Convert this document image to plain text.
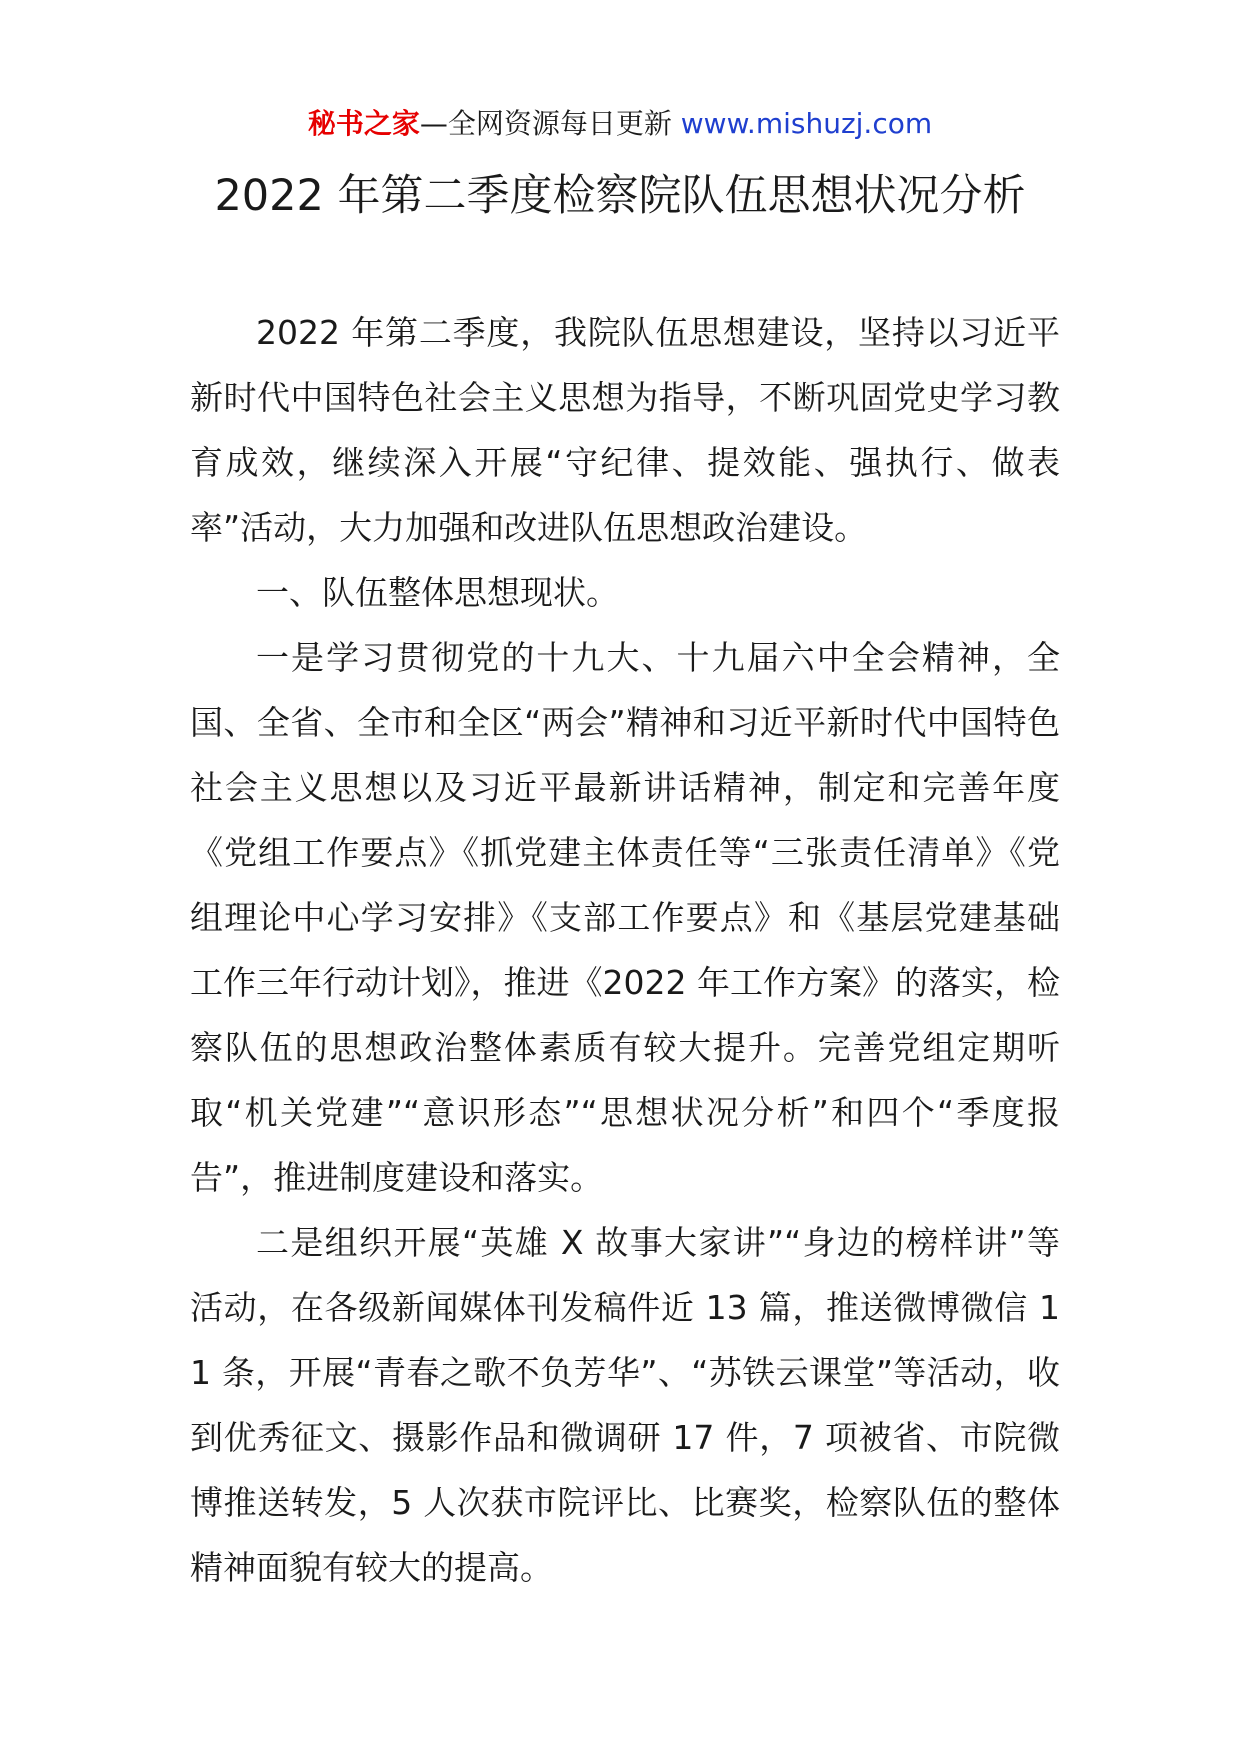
秘书之家—全网资源每日更新 www.mishuzj.com
2022 年第二季度检察院队伍思想状况分析

2022 年第二季度，我院队伍思想建设，坚持以习近平新时代中国特色社会主义思想为指导，不断巩固党史学习教育成效，继续深入开展“守纪律、提效能、强执行、做表率”活动，大力加强和改进队伍思想政治建设。

一、队伍整体思想现状。

一是学习贯彻党的十九大、十九届六中全会精神，全国、全省、全市和全区“两会”精神和习近平新时代中国特色社会主义思想以及习近平最新讲话精神，制定和完善年度《党组工作要点》《抓党建主体责任等“三张责任清单》《党组理论中心学习安排》《支部工作要点》和《基层党建基础工作三年行动计划》，推进《2022 年工作方案》的落实，检察队伍的思想政治整体素质有较大提升。完善党组定期听取“机关党建”“意识形态”“思想状况分析”和四个“季度报告”，推进制度建设和落实。

二是组织开展“英雄 X 故事大家讲”“身边的榜样讲”等活动，在各级新闻媒体刊发稿件近 13 篇，推送微博微信 11 条，开展“青春之歌不负芳华”、“苏铁云课堂”等活动，收到优秀征文、摄影作品和微调研 17 件，7 项被省、市院微博推送转发，5 人次获市院评比、比赛奖，检察队伍的整体精神面貌有较大的提高。
